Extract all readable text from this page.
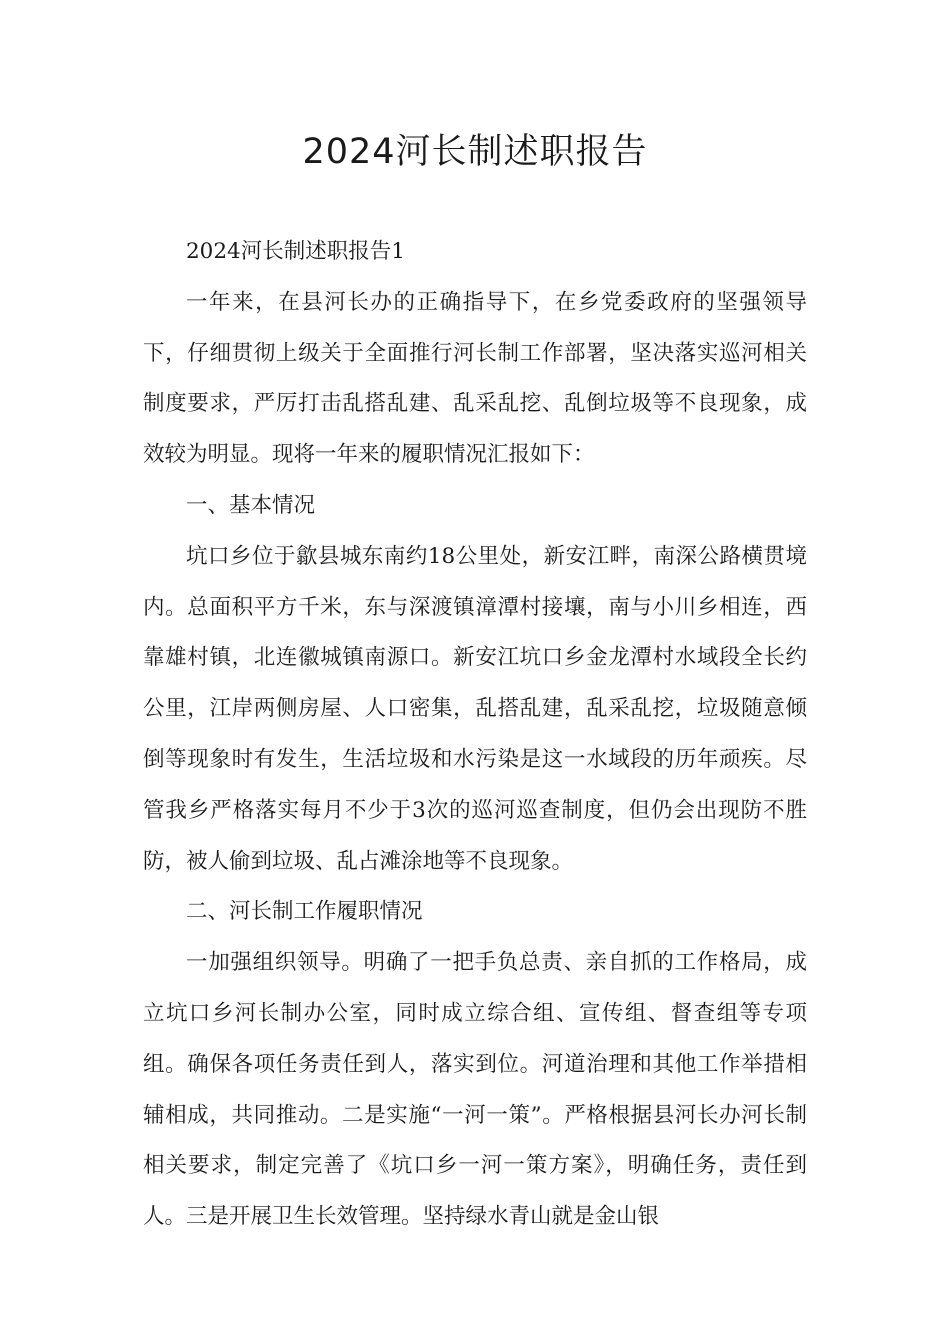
2024河长制述职报告

2024河长制述职报告1

一年来，在县河长办的正确指导下，在乡党委政府的坚强领导下，仔细贯彻上级关于全面推行河长制工作部署，坚决落实巡河相关制度要求，严厉打击乱搭乱建、乱采乱挖、乱倒垃圾等不良现象，成效较为明显。现将一年来的履职情况汇报如下：

一、基本情况

坑口乡位于歙县城东南约18公里处，新安江畔，南深公路横贯境内。总面积平方千米，东与深渡镇漳潭村接壤，南与小川乡相连，西靠雄村镇，北连徽城镇南源口。新安江坑口乡金龙潭村水域段全长约公里，江岸两侧房屋、人口密集，乱搭乱建，乱采乱挖，垃圾随意倾倒等现象时有发生，生活垃圾和水污染是这一水域段的历年顽疾。尽管我乡严格落实每月不少于3次的巡河巡查制度，但仍会出现防不胜防，被人偷到垃圾、乱占滩涂地等不良现象。

二、河长制工作履职情况

一加强组织领导。明确了一把手负总责、亲自抓的工作格局，成立坑口乡河长制办公室，同时成立综合组、宣传组、督查组等专项组。确保各项任务责任到人，落实到位。河道治理和其他工作举措相辅相成，共同推动。二是实施“一河一策”。严格根据县河长办河长制相关要求，制定完善了《坑口乡一河一策方案》，明确任务，责任到人。三是开展卫生长效管理。坚持绿水青山就是金山银
